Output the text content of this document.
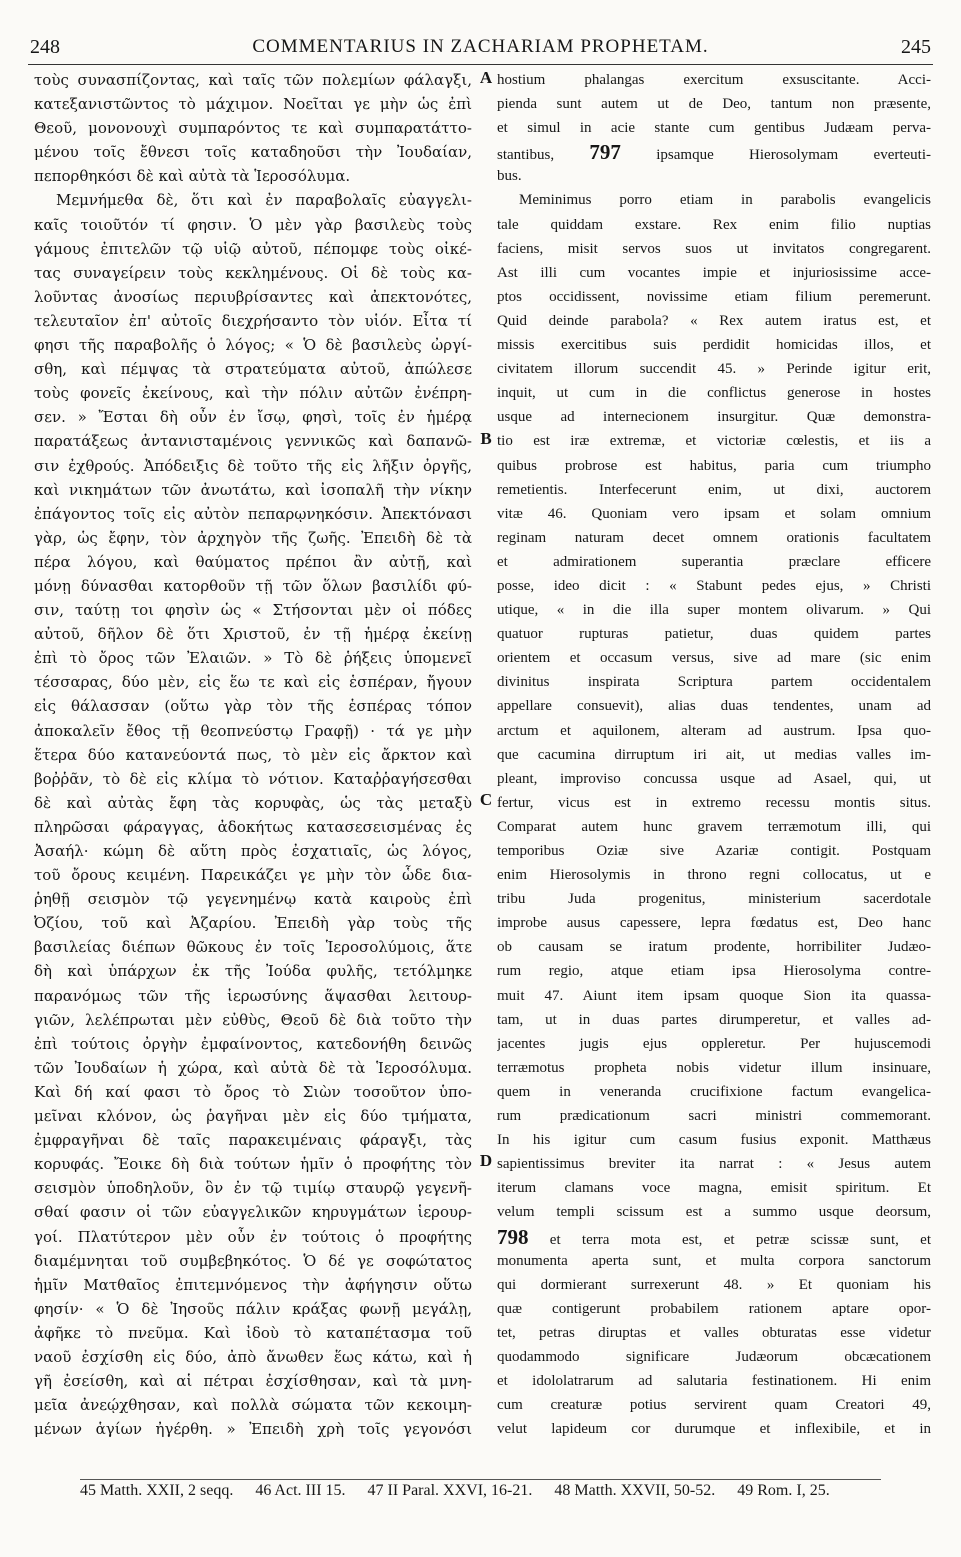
248	COMMENTARIUS IN ZACHARIAM PROPHETAM.	245
τοὺς συνασπίζοντας, καὶ ταῖς τῶν πολεμίων φάλαγξι,
κατεξανιστῶντος τὸ μάχιμον. Νοεῖται γε μὴν ὡς ἐπὶ
Θεοῦ, μονονουχὶ συμπαρόντος τε καὶ συμπαρατάττο-
μένου τοῖς ἔθνεσι τοῖς καταδηοῦσι τὴν Ἰουδαίαν,
πεπορθηκόσι δὲ καὶ αὐτὰ τὰ Ἱεροσόλυμα.
Μεμνήμεθα δὲ, ὅτι καὶ ἐν παραβολαῖς εὐαγγελι-
καῖς τοιοῦτόν τί φησιν. Ὁ μὲν γὰρ βασιλεὺς τοὺς
γάμους ἐπιτελῶν τῷ υἱῷ αὐτοῦ, πέπομφε τοὺς οἰκέ-
τας συναγείρειν τοὺς κεκλημένους. Οἱ δὲ τοὺς κα-
λοῦντας ἀνοσίως περιυβρίσαντες καὶ ἀπεκτονότες,
τελευταῖον ἐπ' αὐτοῖς διεχρήσαντο τὸν υἱόν. Εἶτα τί
φησι τῆς παραβολῆς ὁ λόγος; « Ὁ δὲ βασιλεὺς ὠργί-
σθη, καὶ πέμψας τὰ στρατεύματα αὐτοῦ, ἀπώλεσε
τοὺς φονεῖς ἐκείνους, καὶ τὴν πόλιν αὐτῶν ἐνέπρη-
σεν. » Ἔσται δὴ οὖν ἐν ἴσῳ, φησὶ, τοῖς ἐν ἡμέρᾳ
παρατάξεως ἀντανισταμένοις γεννικῶς καὶ δαπανῶ-
σιν ἐχθρούς. Ἀπόδειξις δὲ τοῦτο τῆς εἰς λῆξιν ὀργῆς,
καὶ νικημάτων τῶν ἀνωτάτω, καὶ ἰσοπαλῆ τὴν νίκην
ἐπάγοντος τοῖς εἰς αὐτὸν πεπαρῳνηκόσιν. Ἀπεκτόνασι
γὰρ, ὡς ἔφην, τὸν ἀρχηγὸν τῆς ζωῆς. Ἐπειδὴ δὲ τὰ
πέρα λόγου, καὶ θαύματος πρέποι ἂν αὐτῇ, καὶ
μόνῃ δύνασθαι κατορθοῦν τῇ τῶν ὅλων βασιλίδι φύ-
σιν, ταύτῃ τοι φησὶν ὡς « Στήσονται μὲν οἱ πόδες
αὐτοῦ, δῆλον δὲ ὅτι Χριστοῦ, ἐν τῇ ἡμέρᾳ ἐκείνῃ
ἐπὶ τὸ ὄρος τῶν Ἐλαιῶν. » Τὸ δὲ ῥήξεις ὑπομενεῖ
τέσσαρας, δύο μὲν, εἰς ἕω τε καὶ εἰς ἑσπέραν, ἤγουν
εἰς θάλασσαν (οὕτω γὰρ τὸν τῆς ἑσπέρας τόπον
ἀποκαλεῖν ἔθος τῇ θεοπνεύστῳ Γραφῇ) · τά γε μὴν
ἕτερα δύο κατανεύοντά πως, τὸ μὲν εἰς ἄρκτον καὶ
βοῤῥᾶν, τὸ δὲ εἰς κλίμα τὸ νότιον. Καταῤῥαγήσεσθαι
δὲ καὶ αὐτὰς ἔφη τὰς κορυφὰς, ὡς τὰς μεταξὺ
πληρῶσαι φάραγγας, ἀδοκήτως κατασεσεισμένας ἐς
Ἀσαήλ· κώμη δὲ αὕτη πρὸς ἐσχατιαῖς, ὡς λόγος,
τοῦ ὄρους κειμένη. Παρεικάζει γε μὴν τὸν ὧδε δια-
ῥηθῇ σεισμὸν τῷ γεγενημένῳ κατὰ καιροὺς ἐπὶ
Ὀζίου, τοῦ καὶ Ἀζαρίου. Ἐπειδὴ γὰρ τοὺς τῆς
βασιλείας διέπων θῶκους ἐν τοῖς Ἱεροσολύμοις, ἅτε
δὴ καὶ ὑπάρχων ἐκ τῆς Ἰούδα φυλῆς, τετόλμηκε
παρανόμως τῶν τῆς ἱερωσύνης ἅψασθαι λειτουρ-
γιῶν, λελέπρωται μὲν εὐθὺς, Θεοῦ δὲ διὰ τοῦτο τὴν
ἐπὶ τούτοις ὀργὴν ἐμφαίνοντος, κατεδονήθη δεινῶς
τῶν Ἰουδαίων ἡ χώρα, καὶ αὐτὰ δὲ τὰ Ἱεροσόλυμα.
Καὶ δή καί φασι τὸ ὄρος τὸ Σιὼν τοσοῦτον ὑπο-
μεῖναι κλόνον, ὡς ῥαγῆναι μὲν εἰς δύο τμήματα,
ἐμφραγῆναι δὲ ταῖς παρακειμέναις φάραγξι, τὰς
κορυφάς. Ἔοικε δὴ διὰ τούτων ἡμῖν ὁ προφήτης τὸν
σεισμὸν ὑποδηλοῦν, ὃν ἐν τῷ τιμίῳ σταυρῷ γεγενῆ-
σθαί φασιν οἱ τῶν εὐαγγελικῶν κηρυγμάτων ἱερουρ-
γοί. Πλατύτερον μὲν οὖν ἐν τούτοις ὁ προφήτης
διαμέμνηται τοῦ συμβεβηκότος. Ὁ δέ γε σοφώτατος
ἡμῖν Ματθαῖος ἐπιτεμνόμενος τὴν ἀφήγησιν οὕτω
φησίν· « Ὁ δὲ Ἰησοῦς πάλιν κράξας φωνῇ μεγάλῃ,
ἀφῆκε τὸ πνεῦμα. Καὶ ἰδοὺ τὸ καταπέτασμα τοῦ
ναοῦ ἐσχίσθη εἰς δύο, ἀπὸ ἄνωθεν ἕως κάτω, καὶ ἡ
γῆ ἐσείσθη, καὶ αἱ πέτραι ἐσχίσθησαν, καὶ τὰ μνη-
μεῖα ἀνεῴχθησαν, καὶ πολλὰ σώματα τῶν κεκοιμη-
μένων ἁγίων ἠγέρθη. » Ἐπειδὴ χρὴ τοῖς γεγονόσι
hostium phalangas exercitum exsuscitante. Acci-
pienda sunt autem ut de Deo, tantum non præsente,
et simul in acie stante cum gentibus Judæam perva-
stantibus, 797 ipsamque Hierosolymam everteuti-
bus.
Meminimus porro etiam in parabolis evangelicis
tale quiddam exstare. Rex enim filio nuptias
faciens, misit servos suos ut invitatos congregarent.
Ast illi cum vocantes impie et injuriosissime acce-
ptos occidissent, novissime etiam filium peremerunt.
Quid deinde parabola? « Rex autem iratus est, et
missis exercitibus suis perdidit homicidas illos, et
civitatem illorum succendit 45. » Perinde igitur erit,
inquit, ut cum in die conflictus generose in hostes
usque ad internecionem insurgitur. Quæ demonstra-
tio est iræ extremæ, et victoriæ cœlestis, et iis a
quibus probrose est habitus, paria cum triumpho
remetientis. Interfecerunt enim, ut dixi, auctorem
vitæ 46. Quoniam vero ipsam et solam omnium
reginam naturam decet omnem orationis facultatem
et admirationem superantia præclare efficere
posse, ideo dicit : « Stabunt pedes ejus, » Christi
utique, « in die illa super montem olivarum. » Qui
quatuor rupturas patietur, duas quidem partes
orientem et occasum versus, sive ad mare (sic enim
divinitus inspirata Scriptura partem occidentalem
appellare consuevit), alias duas tendentes, unam ad
arctum et aquilonem, alteram ad austrum. Ipsa quo-
que cacumina dirruptum iri ait, ut medias valles im-
pleant, improviso concussa usque ad Asael, qui, ut
fertur, vicus est in extremo recessu montis situs.
Comparat autem hunc gravem terræmotum illi, qui
temporibus Oziæ sive Azariæ contigit. Postquam
enim Hierosolymis in throno regni collocatus, ut e
tribu Juda progenitus, ministerium sacerdotale
improbe ausus capessere, lepra fœdatus est, Deo hanc
ob causam se iratum prodente, horribiliter Judæo-
rum regio, atque etiam ipsa Hierosolyma contre-
muit 47. Aiunt item ipsam quoque Sion ita quassa-
tam, ut in duas partes dirumperetur, et valles ad-
jacentes jugis ejus oppleretur. Per hujuscemodi
terræmotus propheta nobis videtur illum insinuare,
quem in veneranda crucifixione factum evangelica-
rum prædicationum sacri ministri commemorant.
In his igitur cum casum fusius exponit. Matthæus
sapientissimus breviter ita narrat : « Jesus autem
iterum clamans voce magna, emisit spiritum. Et
velum templi scissum est a summo usque deorsum,
798 et terra mota est, et petræ scissæ sunt, et
monumenta aperta sunt, et multa corpora sanctorum
qui dormierant surrexerunt 48. » Et quoniam his
quæ contigerunt probabilem rationem aptare opor-
tet, petras diruptas et valles obturatas esse videtur
quodammodo significare Judæorum obcæcationem
et idololatrarum ad salutaria festinationem. Hi enim
cum creaturæ potius servirent quam Creatori 49,
velut lapideum cor durumque et inflexibile, et in
A
B
C
D
45 Matth. XXII, 2 seqq. 46 Act. III 15. 47 II Paral. XXVI, 16-21. 48 Matth. XXVII, 50-52. 49 Rom. I, 25.
